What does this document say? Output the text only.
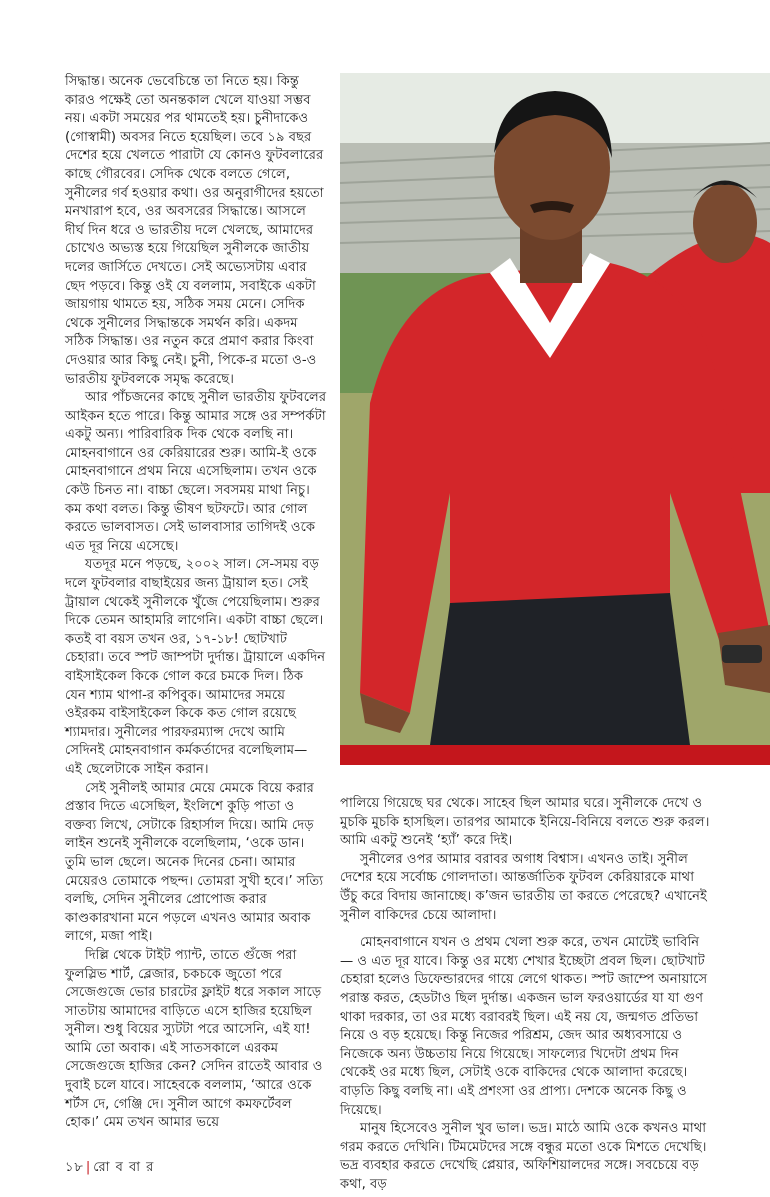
সিদ্ধান্ত। অনেক ভেবেচিন্তে তা নিতে হয়। কিন্তু কারও পক্ষেই তো অনন্তকাল খেলে যাওয়া সম্ভব নয়। একটা সময়ের পর থামতেই হয়। চুনীদাকেও (গোস্বামী) অবসর নিতে হয়েছিল। তবে ১৯ বছর দেশের হয়ে খেলতে পারাটা যে কোনও ফুটবলারের কাছে গৌরবের। সেদিক থেকে বলতে গেলে, সুনীলের গর্ব হওয়ার কথা। ওর অনুরাগীদের হয়তো মনখারাপ হবে, ওর অবসরের সিদ্ধান্তে। আসলে দীর্ঘ দিন ধরে ও ভারতীয় দলে খেলছে, আমাদের চোখেও অভ্যস্ত হয়ে গিয়েছিল সুনীলকে জাতীয় দলের জার্সিতে দেখতে। সেই অভ্যেসটায় এবার ছেদ পড়বে। কিন্তু ওই যে বললাম, সবাইকে একটা জায়গায় থামতে হয়, সঠিক সময় মেনে। সেদিক থেকে সুনীলের সিদ্ধান্তকে সমর্থন করি। একদম সঠিক সিদ্ধান্ত। ওর নতুন করে প্রমাণ করার কিংবা দেওয়ার আর কিছু নেই। চুনী, পিকে-র মতো ও-ও ভারতীয় ফুটবলকে সমৃদ্ধ করেছে।

আর পাঁচজনের কাছে সুনীল ভারতীয় ফুটবলের আইকন হতে পারে। কিন্তু আমার সঙ্গে ওর সম্পর্কটা একটু অন্য। পারিবারিক দিক থেকে বলছি না। মোহনবাগানে ওর কেরিয়ারের শুরু। আমি-ই ওকে মোহনবাগানে প্রথম নিয়ে এসেছিলাম। তখন ওকে কেউ চিনত না। বাচ্চা ছেলে। সবসময় মাথা নিচু। কম কথা বলত। কিন্তু ভীষণ ছটফটে। আর গোল করতে ভালবাসত। সেই ভালবাসার তাগিদই ওকে এত দূর নিয়ে এসেছে।

যতদূর মনে পড়ছে, ২০০২ সাল। সে-সময় বড় দলে ফুটবলার বাছাইয়ের জন্য ট্রায়াল হত। সেই ট্রায়াল থেকেই সুনীলকে খুঁজে পেয়েছিলাম। শুরুর দিকে তেমন আহামরি লাগেনি। একটা বাচ্চা ছেলে। কতই বা বয়স তখন ওর, ১৭-১৮! ছোটখাট চেহারা। তবে স্পট জাম্পটা দুর্দান্ত। ট্রায়ালে একদিন বাইসাইকেল কিকে গোল করে চমকে দিল। ঠিক যেন শ্যাম থাপা-র কপিবুক। আমাদের সময়ে ওইরকম বাইসাইকেল কিকে কত গোল রয়েছে শ্যামদার। সুনীলের পারফরম্যান্স দেখে আমি সেদিনই মোহনবাগান কর্মকর্তাদের বলেছিলাম— এই ছেলেটাকে সাইন করান।

সেই সুনীলই আমার মেয়ে মেমকে বিয়ে করার প্রস্তাব দিতে এসেছিল, ইংলিশে কুড়ি পাতা ও বক্তব্য লিখে, সেটাকে রিহার্সাল দিয়ে। আমি দেড় লাইন শুনেই সুনীলকে বলেছিলাম, ‘ওকে ডান। তুমি ভাল ছেলে। অনেক দিনের চেনা। আমার মেয়েরও তোমাকে পছন্দ। তোমরা সুখী হবে।’ সত্যি বলছি, সেদিন সুনীলের প্রোপোজ করার কাণ্ডকারখানা মনে পড়লে এখনও আমার অবাক লাগে, মজা পাই।

দিল্লি থেকে টাইট প্যান্ট, তাতে গুঁজে পরা ফুলস্লিভ শার্ট, ব্লেজার, চকচকে জুতো পরে সেজেগুজে ভোর চারটের ফ্লাইট ধরে সকাল সাড়ে সাতটায় আমাদের বাড়িতে এসে হাজির হয়েছিল সুনীল। শুধু বিয়ের স্যুটটা পরে আসেনি, এই যা! আমি তো অবাক। এই সাতসকালে এরকম সেজেগুজে হাজির কেন? সেদিন রাতেই আবার ও দুবাই চলে যাবে। সাহেবকে বললাম, ‘আরে ওকে শর্টস দে, গেঞ্জি দে। সুনীল আগে কমফর্টেবল হোক।’ মেম তখন আমার ভয়ে

পালিয়ে গিয়েছে ঘর থেকে। সাহেব ছিল আমার ঘরে। সুনীলকে দেখে ও মুচকি মুচকি হাসছিল। তারপর আমাকে ইনিয়ে-বিনিয়ে বলতে শুরু করল। আমি একটু শুনেই ‘হ্যাঁ’ করে দিই।

সুনীলের ওপর আমার বরাবর অগাধ বিশ্বাস। এখনও তাই। সুনীল দেশের হয়ে সর্বোচ্চ গোলদাতা। আন্তর্জাতিক ফুটবল কেরিয়ারকে মাথা উঁচু করে বিদায় জানাচ্ছে। ক’জন ভারতীয় তা করতে পেরেছে? এখানেই সুনীল বাকিদের চেয়ে আলাদা।

মোহনবাগানে যখন ও প্রথম খেলা শুরু করে, তখন মোটেই ভাবিনি— ও এত দূর যাবে। কিন্তু ওর মধ্যে শেখার ইচ্ছেটা প্রবল ছিল। ছোটখাট চেহারা হলেও ডিফেন্ডারদের গায়ে লেগে থাকত। স্পট জাম্পে অনায়াসে পরাস্ত করত, হেডটাও ছিল দুর্দান্ত। একজন ভাল ফরওয়ার্ডের যা যা গুণ থাকা দরকার, তা ওর মধ্যে বরাবরই ছিল। এই নয় যে, জন্মগত প্রতিভা নিয়ে ও বড় হয়েছে। কিন্তু নিজের পরিশ্রম, জেদ আর অধ্যবসায়ে ও নিজেকে অন্য উচ্চতায় নিয়ে গিয়েছে। সাফল্যের খিদেটা প্রথম দিন থেকেই ওর মধ্যে ছিল, সেটাই ওকে বাকিদের থেকে আলাদা করেছে। বাড়তি কিছু বলছি না। এই প্রশংসা ওর প্রাপ্য। দেশকে অনেক কিছু ও দিয়েছে।

মানুষ হিসেবেও সুনীল খুব ভাল। ভদ্র। মাঠে আমি ওকে কখনও মাথা গরম করতে দেখিনি। টিমমেটদের সঙ্গে বন্ধুর মতো ওকে মিশতে দেখেছি। ভদ্র ব্যবহার করতে দেখেছি প্লেয়ার, অফিশিয়ালদের সঙ্গে। সবচেয়ে বড় কথা, বড়

১৮ | রো ব বা র
